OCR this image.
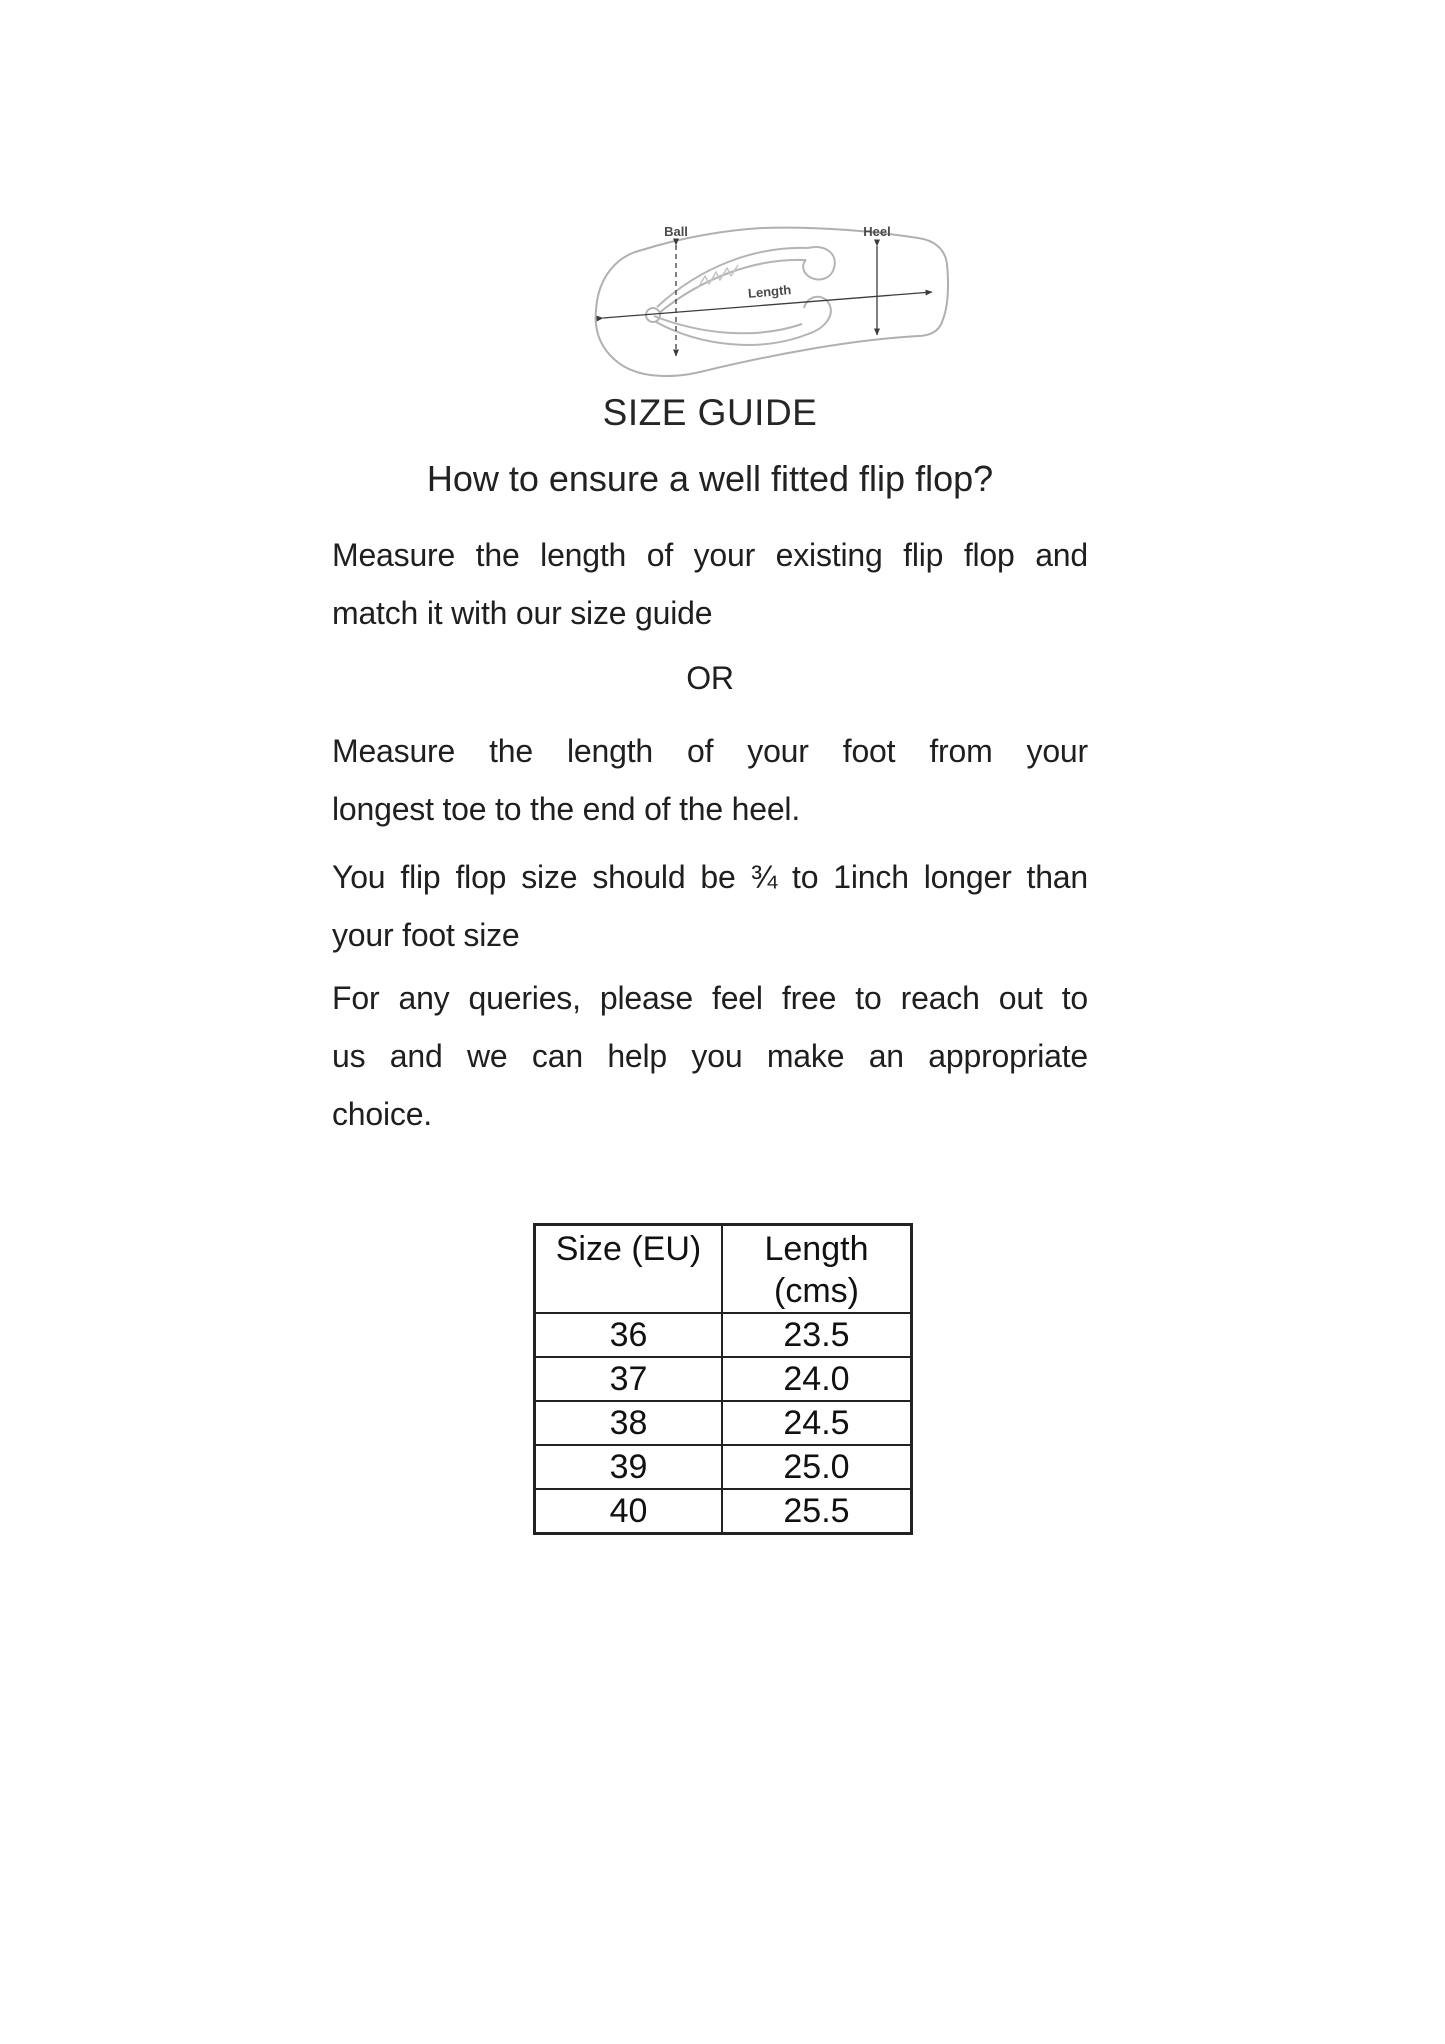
Ball	Heel
Length
SIZE GUIDE
How to ensure a well fitted flip flop?
Measure the length of your existing flip flop and
match it with our size guide
OR
Measure the length of your foot from your
longest toe to the end of the heel.
You flip flop size should be ¾ to 1inch longer than
your foot size
For any queries, please feel free to reach out to
us and we can help you make an appropriate
choice.
Size (EU)	Length (cms)
36	23.5
37	24.0
38	24.5
39	25.0
40	25.5
